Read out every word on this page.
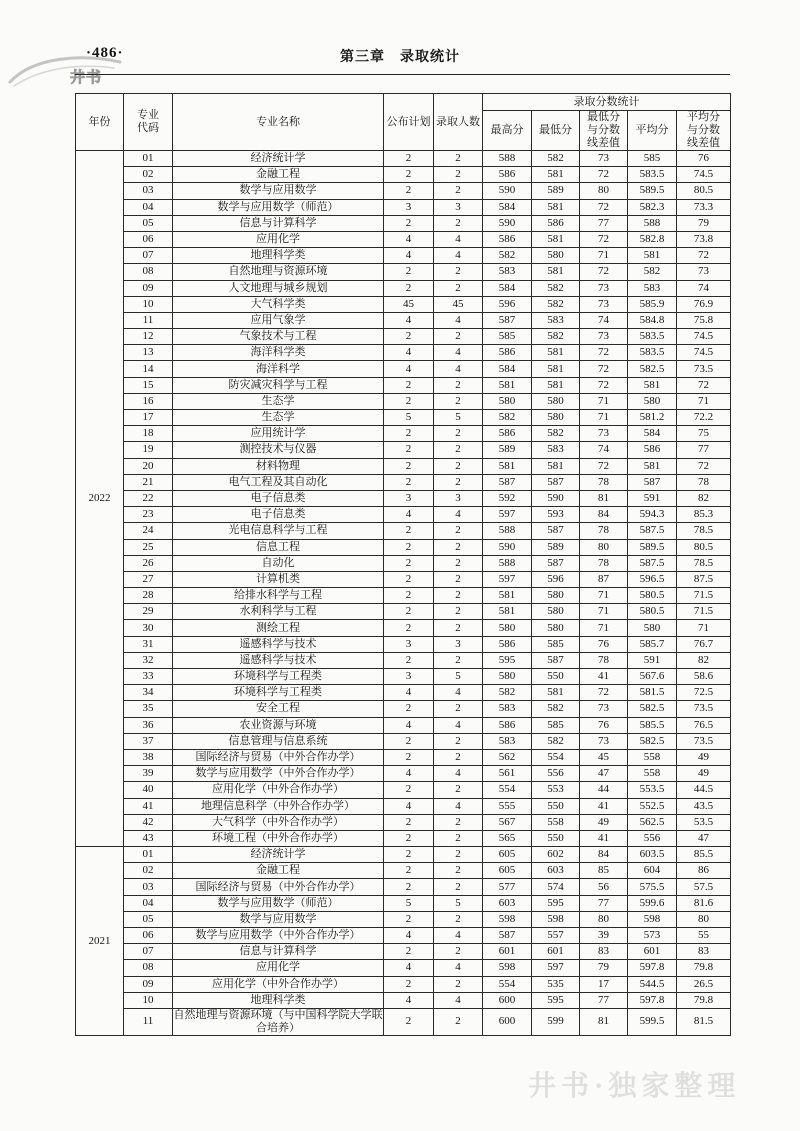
井书
·486·	第三章　录取统计
年份	专业代码	专业名称	公布计划	录取人数	录取分数统计				
					最高分	最低分	最低分与分数线差值	平均分	平均分与分数线差值
2022	01	经济统计学	2	2	588	582	73	585	76
	02	金融工程	2	2	586	581	72	583.5	74.5
	03	数学与应用数学	2	2	590	589	80	589.5	80.5
	04	数学与应用数学（师范）	3	3	584	581	72	582.3	73.3
	05	信息与计算科学	2	2	590	586	77	588	79
	06	应用化学	4	4	586	581	72	582.8	73.8
	07	地理科学类	4	4	582	580	71	581	72
	08	自然地理与资源环境	2	2	583	581	72	582	73
	09	人文地理与城乡规划	2	2	584	582	73	583	74
	10	大气科学类	45	45	596	582	73	585.9	76.9
	11	应用气象学	4	4	587	583	74	584.8	75.8
	12	气象技术与工程	2	2	585	582	73	583.5	74.5
	13	海洋科学类	4	4	586	581	72	583.5	74.5
	14	海洋科学	4	4	584	581	72	582.5	73.5
	15	防灾减灾科学与工程	2	2	581	581	72	581	72
	16	生态学	2	2	580	580	71	580	71
	17	生态学	5	5	582	580	71	581.2	72.2
	18	应用统计学	2	2	586	582	73	584	75
	19	测控技术与仪器	2	2	589	583	74	586	77
	20	材料物理	2	2	581	581	72	581	72
	21	电气工程及其自动化	2	2	587	587	78	587	78
	22	电子信息类	3	3	592	590	81	591	82
	23	电子信息类	4	4	597	593	84	594.3	85.3
	24	光电信息科学与工程	2	2	588	587	78	587.5	78.5
	25	信息工程	2	2	590	589	80	589.5	80.5
	26	自动化	2	2	588	587	78	587.5	78.5
	27	计算机类	2	2	597	596	87	596.5	87.5
	28	给排水科学与工程	2	2	581	580	71	580.5	71.5
	29	水利科学与工程	2	2	581	580	71	580.5	71.5
	30	测绘工程	2	2	580	580	71	580	71
	31	遥感科学与技术	3	3	586	585	76	585.7	76.7
	32	遥感科学与技术	2	2	595	587	78	591	82
	33	环境科学与工程类	3	5	580	550	41	567.6	58.6
	34	环境科学与工程类	4	4	582	581	72	581.5	72.5
	35	安全工程	2	2	583	582	73	582.5	73.5
	36	农业资源与环境	4	4	586	585	76	585.5	76.5
	37	信息管理与信息系统	2	2	583	582	73	582.5	73.5
	38	国际经济与贸易（中外合作办学）	2	2	562	554	45	558	49
	39	数学与应用数学（中外合作办学）	4	4	561	556	47	558	49
	40	应用化学（中外合作办学）	2	2	554	553	44	553.5	44.5
	41	地理信息科学（中外合作办学）	4	4	555	550	41	552.5	43.5
	42	大气科学（中外合作办学）	2	2	567	558	49	562.5	53.5
	43	环境工程（中外合作办学）	2	2	565	550	41	556	47
2021	01	经济统计学	2	2	605	602	84	603.5	85.5
	02	金融工程	2	2	605	603	85	604	86
	03	国际经济与贸易（中外合作办学）	2	2	577	574	56	575.5	57.5
	04	数学与应用数学（师范）	5	5	603	595	77	599.6	81.6
	05	数学与应用数学	2	2	598	598	80	598	80
	06	数学与应用数学（中外合作办学）	4	4	587	557	39	573	55
	07	信息与计算科学	2	2	601	601	83	601	83
	08	应用化学	4	4	598	597	79	597.8	79.8
	09	应用化学（中外合作办学）	2	2	554	535	17	544.5	26.5
	10	地理科学类	4	4	600	595	77	597.8	79.8
	11	自然地理与资源环境（与中国科学院大学联合培养）	2	2	600	599	81	599.5	81.5
井书·独家整理
